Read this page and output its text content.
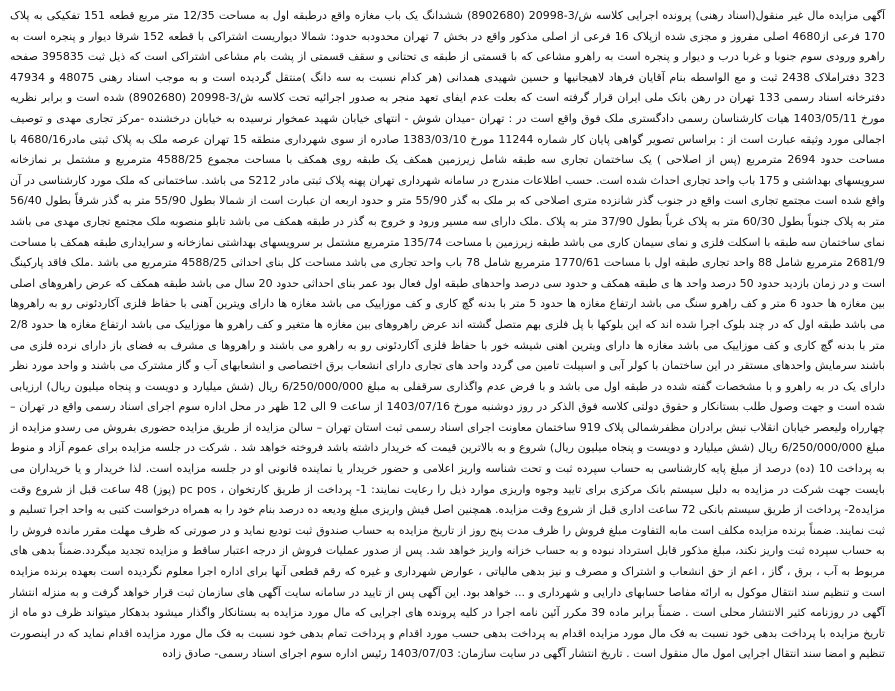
آگهی مزایده مال غیر منقول(اسناد رهنی) پرونده اجرایی کلاسه ش/3-20998 (8902680) ششدانگ یک باب مغازه واقع درطبقه اول به مساحت 12/35 متر مربع قطعه 151 تفکیکی به پلاک 170 فرعی از4680 اصلی مفروز و مجزی شده ازپلاک 16 فرعی از اصلی مذکور واقع در بخش 7 تهران محدودبه حدود: شمالا دیواریست اشتراکی با قطعه 152 شرقا دیوار و پنجره است به راهرو ورودی سوم جنوبا و غربا درب و دیوار و پنجره است به راهرو مشاعی که با قسمتی از طبقه ی تحتانی و سقف قسمتی از پشت بام مشاعی اشتراکی است که ذیل ثبت 395835 صفحه 323 دفتراملاک 2438 ثبت و مع الواسطه بنام آقایان فرهاد لاهیجانیها و حسین شهیدی همدانی (هر کدام نسبت به سه دانگ )منتقل گردیده است و به موجب اسناد رهنی 48075 و 47934 دفترخانه اسناد رسمی 133 تهران در رهن بانک ملی ایران قرار گرفته است که بعلت عدم ایفای تعهد منجر به صدور اجرائیه تحت کلاسه ش/3-20998 (8902680) شده است و برابر نظریه مورخ 1403/05/11 هیات کارشناسان رسمی دادگستری ملک فوق واقع است در : تهران -میدان شوش - انتهای خیابان شهید عمخوار نرسیده به خیابان درخشنده -مرکز تجاری مهدی و توصیف اجمالی مورد وثیقه عبارت است از : براساس تصویر گواهی پایان کار شماره 11244 مورخ 1383/03/10 صادره از سوی شهرداری منطقه 15 تهران عرصه ملک به پلاک ثبتی مادر4680/16 با مساحت حدود 2694 مترمربع (پس از اصلاحی ) یک ساختمان تجاری سه طبقه شامل زیرزمین همکف یک طبقه روی همکف با مساحت مجموع 4588/25 مترمربع و مشتمل بر نمازخانه سرویسهای بهداشتی و 175 باب واحد تجاری احداث شده است. حسب اطلاعات مندرج در سامانه شهرداری تهران پهنه پلاک ثبتی مادر S212 می باشد. ساختمانی که ملک مورد کارشناسی در آن واقع شده است مجتمع تجاری است واقع در جنوب گذر شانزده متری اصلاحی که بر ملک به گذر 55/90 متر و حدود اربعه ان عبارت است از شمالا بطول 55/90 متر به گذر شرقاً بطول 56/40 متر به پلاک جنوباً بطول 60/30 متر به پلاک غرباً بطول 37/90 متر به پلاک .ملک دارای سه مسیر ورود و خروج به گذر در طبقه همکف می باشد تابلو منصوبه ملک مجتمع تجاری مهدی می باشد نمای ساختمان سه طبقه با اسکلت فلزی و نمای سیمان کاری می باشد طبقه زیرزمین با مساحت 135/74 مترمربع مشتمل بر سرویسهای بهداشتی نمازخانه و سرایداری طبقه همکف با مساحت 2681/9 مترمربع شامل 88 واحد تجاری طبقه اول با مساحت 1770/61 مترمربع شامل 78 باب واحد تجاری می باشد مساحت کل بنای احداثی 4588/25 مترمربع می باشد .ملک فاقد پارکینگ است و در زمان بازدید حدود 50 درصد واحد ها ی طبقه همکف و حدود سی درصد واحدهای طبقه اول فعال بود عمر بنای احداثی حدود 20 سال می باشد طبقه همکف که عرض راهروهای اصلی بین مغازه ها حدود 6 متر و کف راهرو سنگ می باشد ارتفاع مغازه ها حدود 5 متر با بدنه گچ کاری و کف موزاییک می باشد مغازه ها دارای ویترین آهنی با حفاظ فلزی آکاردئونی رو به راهروها می باشد طبقه اول که در چند بلوک اجرا شده اند که این بلوکها با پل فلزی بهم متصل گشته اند عرض راهروهای بین مغازه ها متغیر و کف راهرو ها موزاییک می باشد ارتفاع مغازه ها حدود 2/8 متر با بدنه گچ کاری و کف موزاییک می باشد مغازه ها دارای ویترین اهنی شیشه خور با حفاظ فلزی آکاردئونی رو به راهرو می باشند و راهروها ی مشرف به فضای باز دارای نرده فلزی می باشند سرمایش واحدهای مستقر در این ساختمان با کولر آبی و اسپیلت تامین می گردد واحد های تجاری دارای انشعاب برق اختصاصی و انشعابهای آب و گاز مشترک می باشند و واحد مورد نظر دارای یک در به راهرو و با مشخصات گفته شده در طبقه اول می باشد و با فرض عدم واگذاری سرقفلی به مبلغ 6/250/000/000 ریال (شش میلیارد و دویست و پنجاه میلیون ریال) ارزیابی شده است و جهت وصول طلب بستانکار و حقوق دولتی کلاسه فوق الذکر در روز دوشنبه مورخ 1403/07/16 از ساعت 9 الی 12 ظهر در محل اداره سوم اجرای اسناد رسمی واقع در تهران – چهارراه ولیعصر خیابان انقلاب نبش برادران مظفرشمالی پلاک 919 ساختمان معاونت اجرای اسناد رسمی ثبت استان تهران – سالن مزایده از طریق مزایده حضوری بفروش می رسدو مزایده از مبلغ 6/250/000/000 ریال (شش میلیارد و دویست و پنجاه میلیون ریال) شروع و به بالاترین قیمت که خریدار داشته باشد فروخته خواهد شد . شرکت در جلسه مزایده برای عموم آزاد و منوط به پرداخت 10 (ده) درصد از مبلغ پایه کارشناسی به حساب سپرده ثبت و تحت شناسه واریز اعلامی و حضور خریدار یا نماینده قانونی او در جلسه مزایده است. لذا خریدار و یا خریداران می بایست جهت شرکت در مزایده به دلیل سیستم بانک مرکزی برای تایید وجوه واریزی موارد ذیل را رعایت نمایند: 1- پرداخت از طریق کارتخوان ، pc pos (پوز) 48 ساعت قبل از شروع وقت مزایده2- پرداخت از طریق سیستم بانکی 72 ساعت اداری قبل از شروع وقت مزایده. همچنین اصل فیش واریزی مبلغ ودیعه ده درصد بنام خود را به همراه درخواست کتبی به واحد اجرا تسلیم و ثبت نمایند. ضمناً برنده مزایده مکلف است مابه التفاوت مبلغ فروش را ظرف مدت پنج روز از تاریخ مزایده به حساب صندوق ثبت تودیع نماید و در صورتی که ظرف مهلت مقرر مانده فروش را به حساب سپرده ثبت واریز نکند، مبلغ مذکور قابل استرداد نبوده و به حساب خزانه واریز خواهد شد. پس از صدور عملیات فروش از درجه اعتبار ساقط و مزایده تجدید میگردد.ضمناً بدهی های مربوط به آب ، برق ، گاز ، اعم از حق انشعاب و اشتراک و مصرف و نیز بدهی مالیاتی ، عوارض شهرداری و غیره که رقم قطعی آنها برای اداره اجرا معلوم نگردیده است بعهده برنده مزایده است و تنظیم سند انتقال موکول به ارائه مفاصا حسابهای دارایی و شهرداری و ... خواهد بود. این آگهی پس از تایید در سامانه سایت آگهی های سازمان ثبت قرار خواهد گرفت و به منزله انتشار آگهی در روزنامه کثیر الانتشار محلی است . ضمناً برابر ماده 39 مکرر آئین نامه اجرا در کلیه پرونده های اجرایی که مال مورد مزایده به بستانکار واگذار میشود بدهکار میتواند ظرف دو ماه از تاریخ مزایده با پرداخت بدهی خود نسبت به فک مال مورد مزایده اقدام به پرداخت بدهی حسب مورد اقدام و پرداخت تمام بدهی خود نسبت به فک مال مورد مزایده اقدام نماید که در اینصورت تنظیم و امضا سند انتقال اجرایی امول مال منقول است . تاریخ انتشار آگهی در سایت سازمان: 1403/07/03 رئیس اداره سوم اجرای اسناد رسمی- صادق زاده
